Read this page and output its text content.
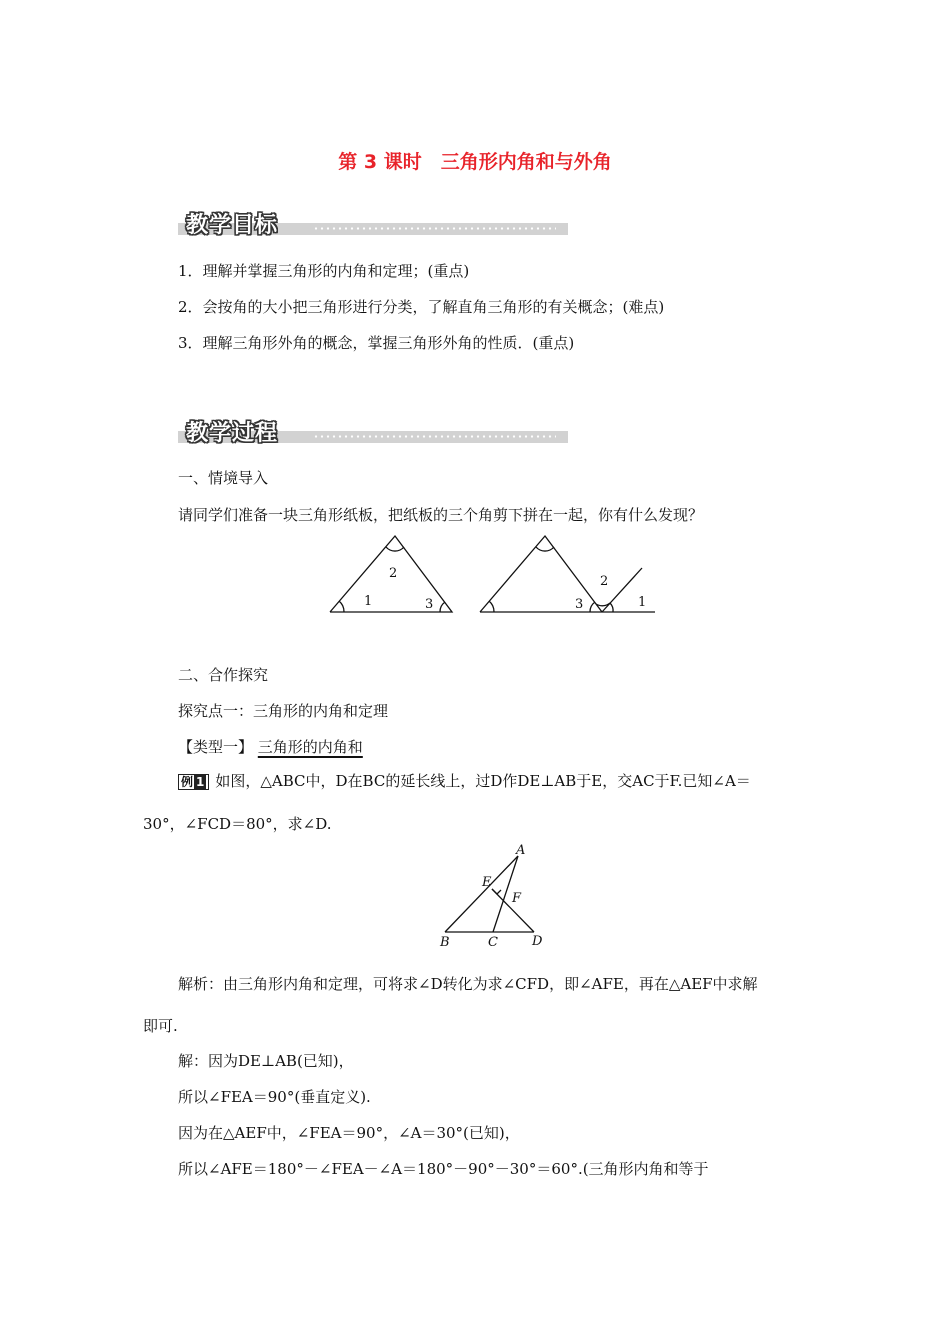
第 3 课时　三角形内角和与外角
教学目标
1．理解并掌握三角形的内角和定理；(重点)
2．会按角的大小把三角形进行分类，了解直角三角形的有关概念；(难点)
3．理解三角形外角的概念，掌握三角形外角的性质．(重点)
教学过程
一、情境导入
请同学们准备一块三角形纸板，把纸板的三个角剪下拼在一起，你有什么发现？
1
2
3	1
2
3
二、合作探究
探究点一：三角形的内角和定理
【类型一】 三角形的内角和
例 1 如图，△ABC中，D在BC的延长线上，过D作DE⊥AB于E，交AC于F.已知∠A＝
30°，∠FCD＝80°，求∠D.
A
B	C	D
E
F
解析：由三角形内角和定理，可将求∠D转化为求∠CFD，即∠AFE，再在△AEF中求解
即可.
解：因为DE⊥AB(已知)，
所以∠FEA＝90°(垂直定义).
因为在△AEF中，∠FEA＝90°，∠A＝30°(已知)，
所以∠AFE＝180°－∠FEA－∠A＝180°－90°－30°＝60°.(三角形内角和等于
